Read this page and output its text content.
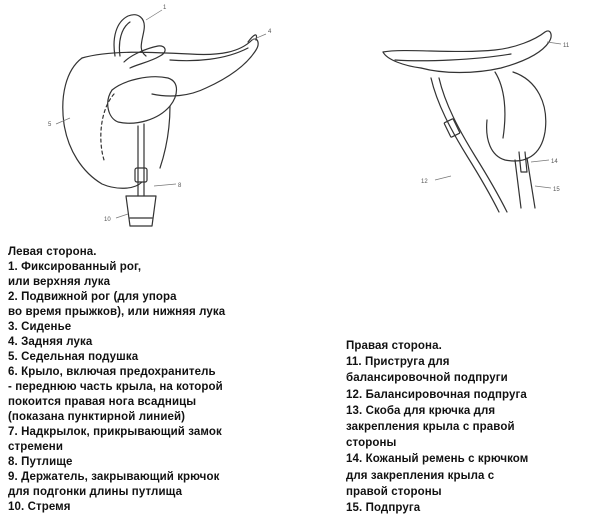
1
4
5
8
10
11
12
14
15
Левая сторона.
1. Фиксированный рог,
или верхняя лука
2. Подвижной рог (для упора
во время прыжков), или нижняя лука
3. Сиденье
4. Задняя лука
5. Седельная подушка
6. Крыло, включая предохранитель
- переднюю часть крыла, на которой
покоится правая нога всадницы
(показана пунктирной линией)
7. Надкрылок, прикрывающий замок
стремени
8. Путлище
9. Держатель, закрывающий крючок
для подгонки длины путлища
10. Стремя
Правая сторона.
11. Приструга для
балансировочной подпруги
12. Балансировочная подпруга
13. Скоба для крючка для
закрепления крыла с правой
стороны
14. Кожаный ремень с крючком
для закрепления крыла с
правой стороны
15. Подпруга
